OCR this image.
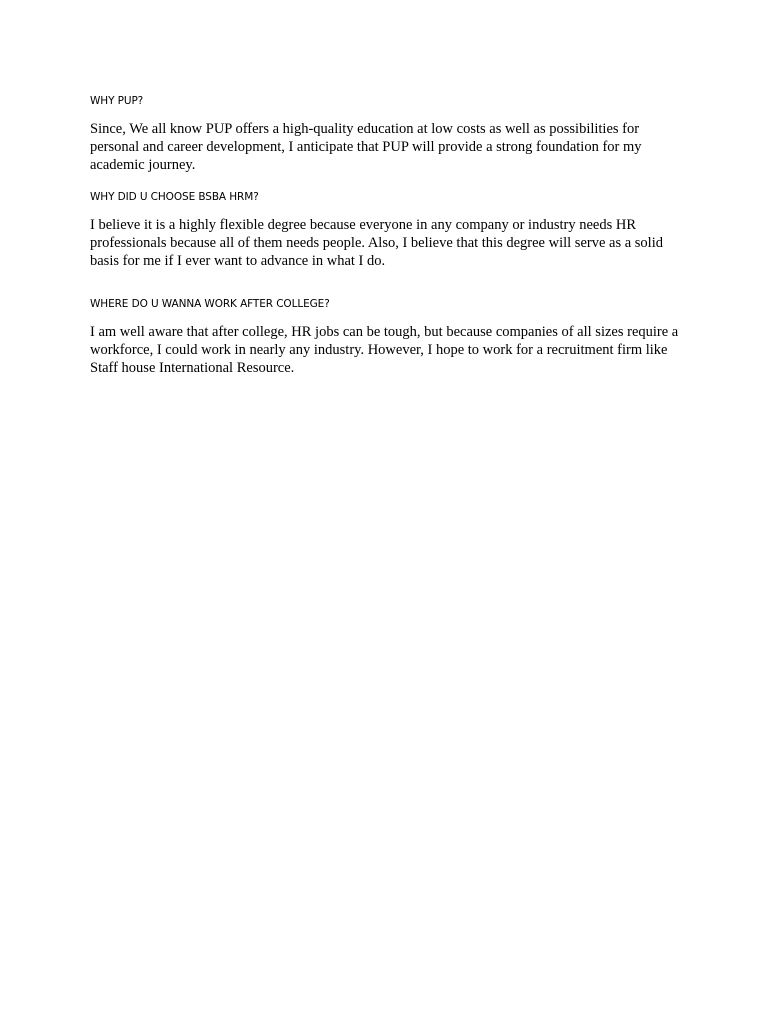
WHY PUP?

Since, We all know PUP offers a high-quality education at low costs as well as possibilities for personal and career development, I anticipate that PUP will provide a strong foundation for my academic journey.

WHY DID U CHOOSE BSBA HRM?

I believe it is a highly flexible degree because everyone in any company or industry needs HR professionals because all of them needs people. Also, I believe that this degree will serve as a solid basis for me if I ever want to advance in what I do.

WHERE DO U WANNA WORK AFTER COLLEGE?

I am well aware that after college, HR jobs can be tough, but because companies of all sizes require a workforce, I could work in nearly any industry. However, I hope to work for a recruitment firm like Staff house International Resource.
